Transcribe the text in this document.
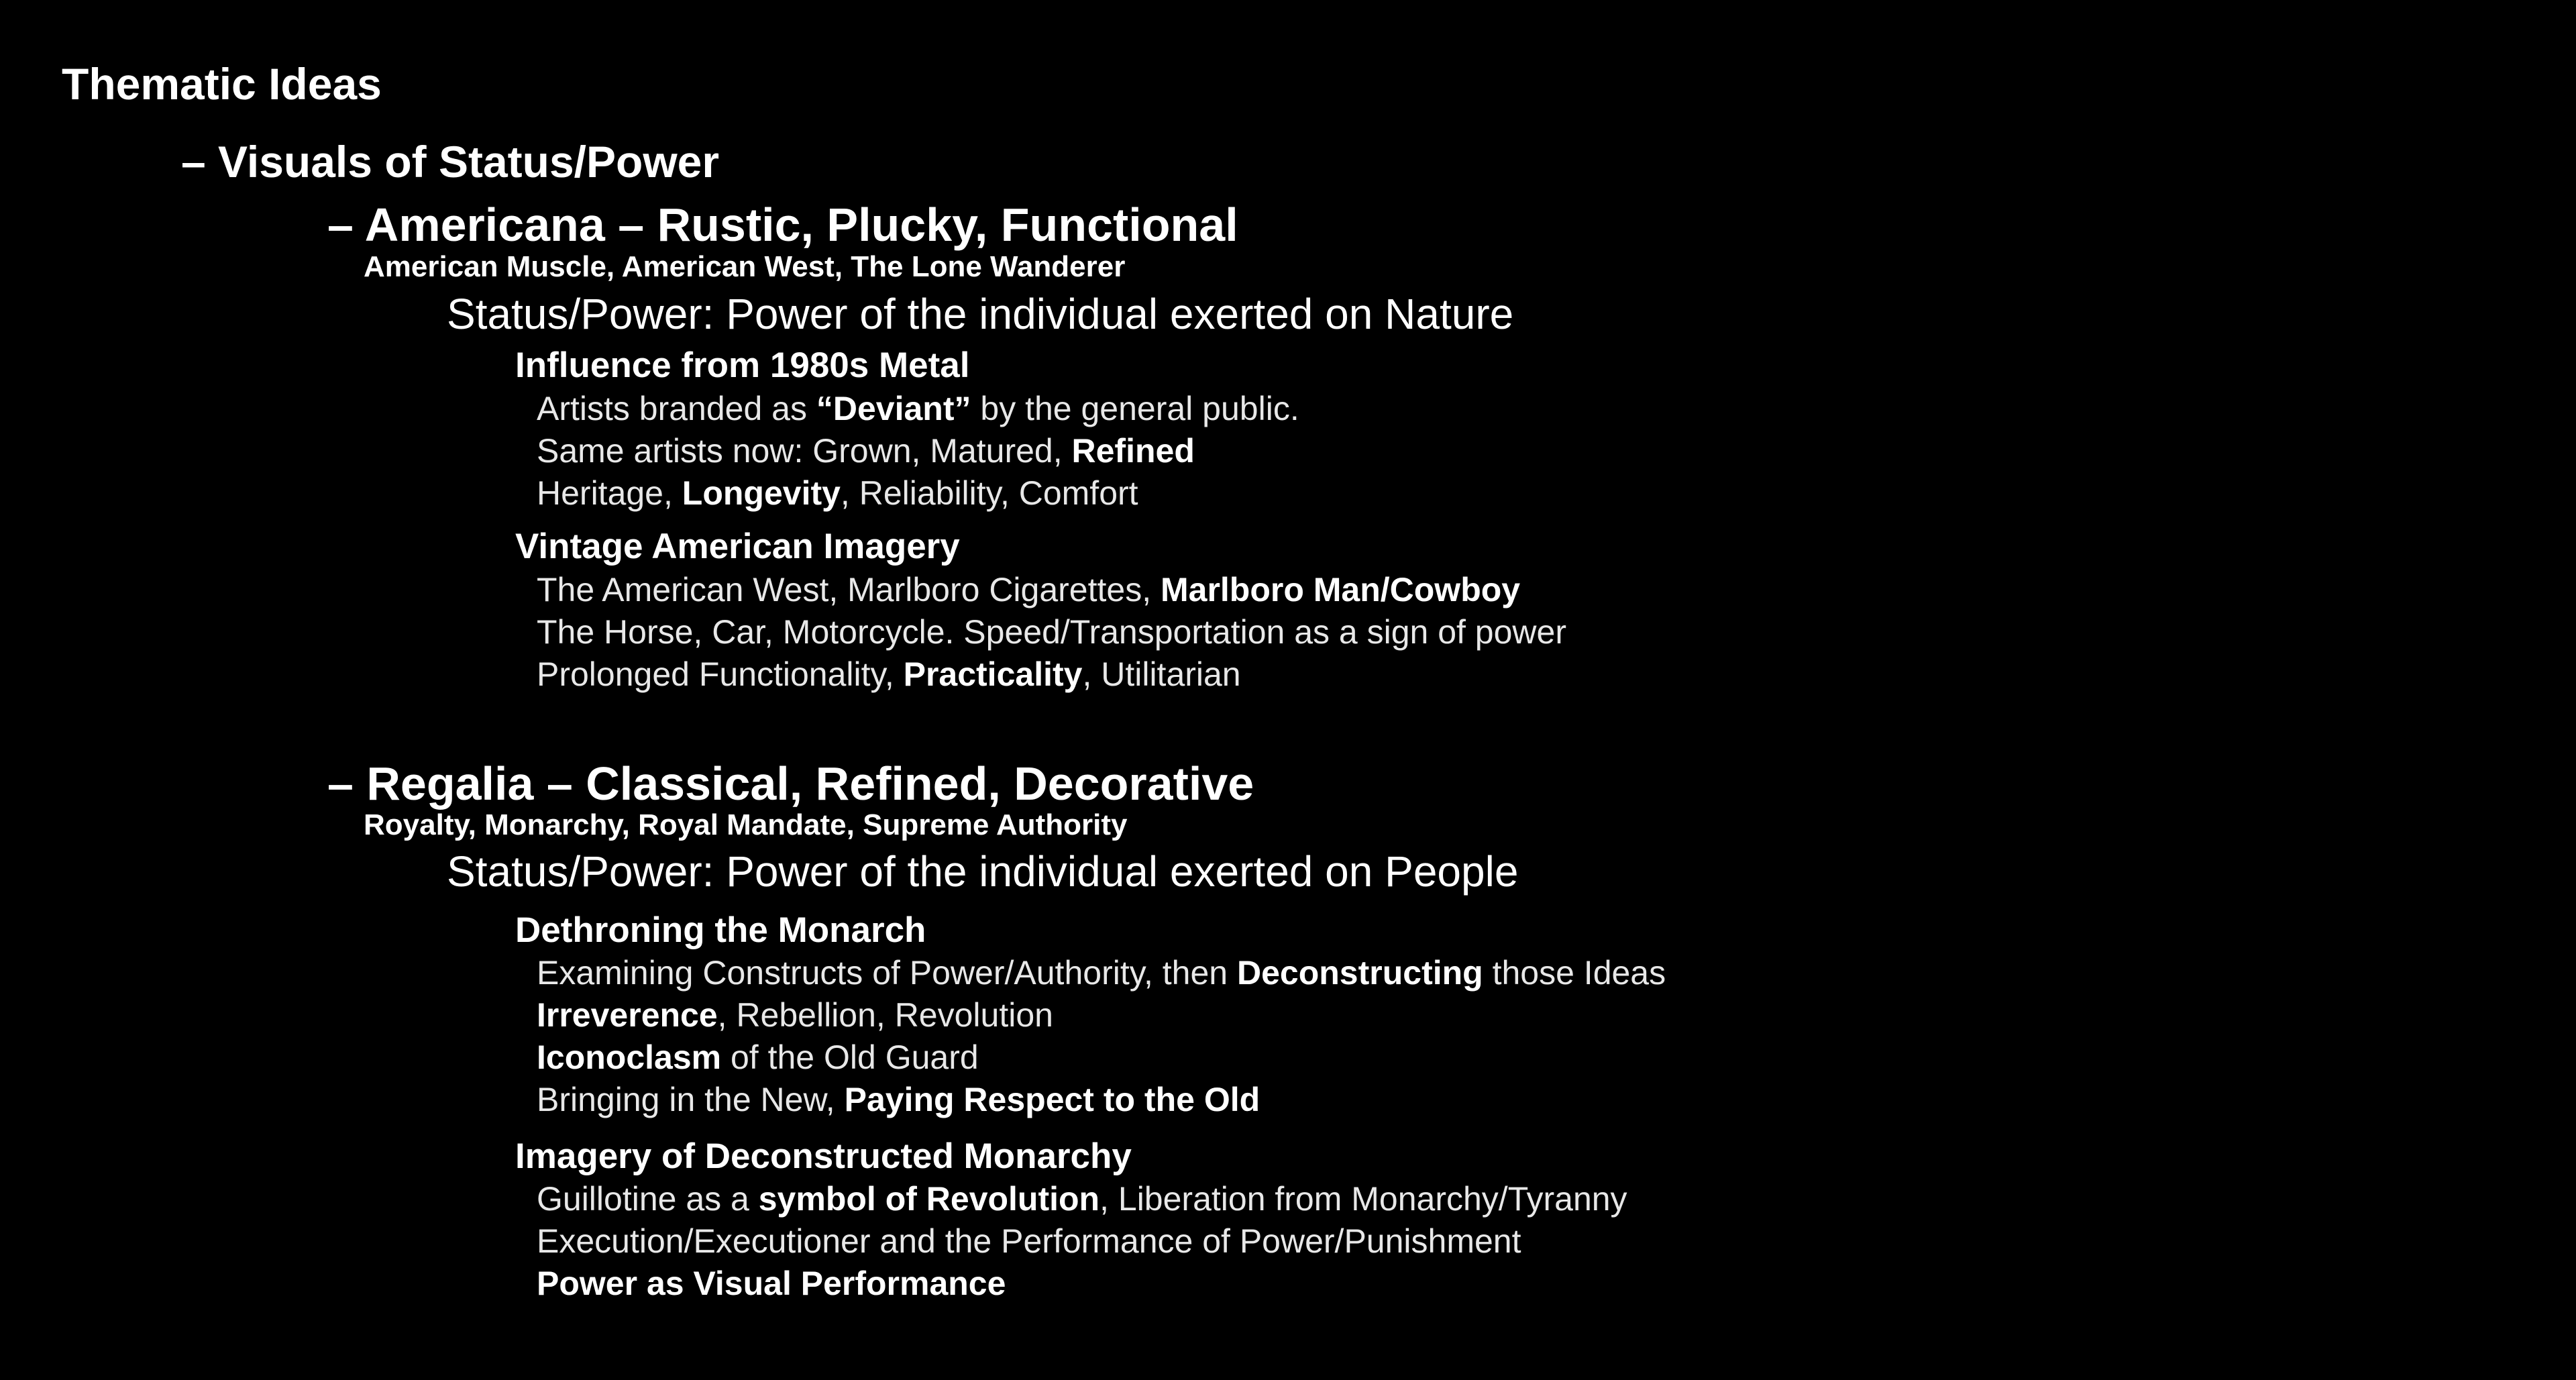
Thematic Ideas
– Visuals of Status/Power
– Americana – Rustic, Plucky, Functional
American Muscle, American West, The Lone Wanderer
Status/Power: Power of the individual exerted on Nature
Influence from 1980s Metal
Artists branded as “Deviant” by the general public.
Same artists now: Grown, Matured, Refined
Heritage, Longevity, Reliability, Comfort
Vintage American Imagery
The American West, Marlboro Cigarettes, Marlboro Man/Cowboy
The Horse, Car, Motorcycle. Speed/Transportation as a sign of power
Prolonged Functionality, Practicality, Utilitarian
– Regalia – Classical, Refined, Decorative
Royalty, Monarchy, Royal Mandate, Supreme Authority
Status/Power: Power of the individual exerted on People
Dethroning the Monarch
Examining Constructs of Power/Authority, then Deconstructing those Ideas
Irreverence, Rebellion, Revolution
Iconoclasm of the Old Guard
Bringing in the New, Paying Respect to the Old
Imagery of Deconstructed Monarchy
Guillotine as a symbol of Revolution, Liberation from Monarchy/Tyranny
Execution/Executioner and the Performance of Power/Punishment
Power as Visual Performance
